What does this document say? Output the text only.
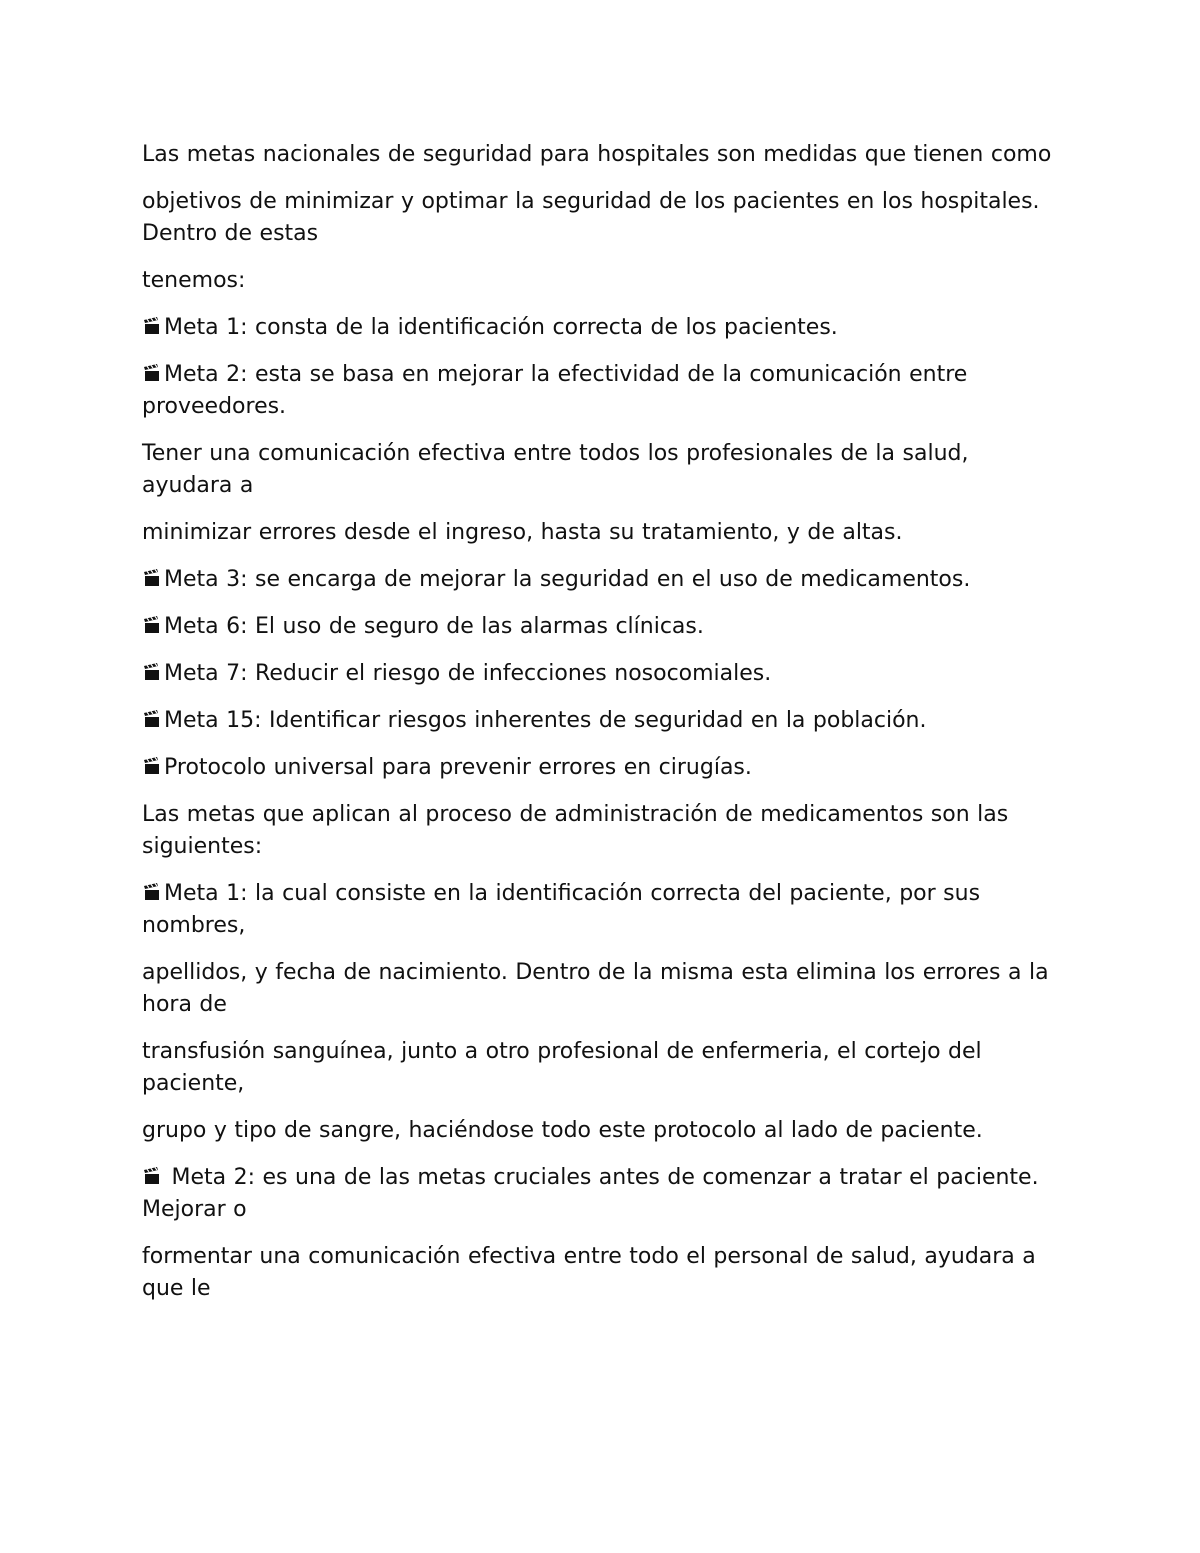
Las metas nacionales de seguridad para hospitales son medidas que tienen como

objetivos de minimizar y optimar la seguridad de los pacientes en los hospitales. Dentro de estas

tenemos:

Meta 1: consta de la identificación correcta de los pacientes.

Meta 2: esta se basa en mejorar la efectividad de la comunicación entre proveedores.

Tener una comunicación efectiva entre todos los profesionales de la salud, ayudara a

minimizar errores desde el ingreso, hasta su tratamiento, y de altas.

Meta 3: se encarga de mejorar la seguridad en el uso de medicamentos.

Meta 6: El uso de seguro de las alarmas clínicas.

Meta 7: Reducir el riesgo de infecciones nosocomiales.

Meta 15: Identificar riesgos inherentes de seguridad en la población.

Protocolo universal para prevenir errores en cirugías.

Las metas que aplican al proceso de administración de medicamentos son las siguientes:

Meta 1: la cual consiste en la identificación correcta del paciente, por sus nombres,

apellidos, y fecha de nacimiento. Dentro de la misma esta elimina los errores a la hora de

transfusión sanguínea, junto a otro profesional de enfermeria, el cortejo del paciente,

grupo y tipo de sangre, haciéndose todo este protocolo al lado de paciente.

Meta 2: es una de las metas cruciales antes de comenzar a tratar el paciente. Mejorar o

formentar una comunicación efectiva entre todo el personal de salud, ayudara a que le
